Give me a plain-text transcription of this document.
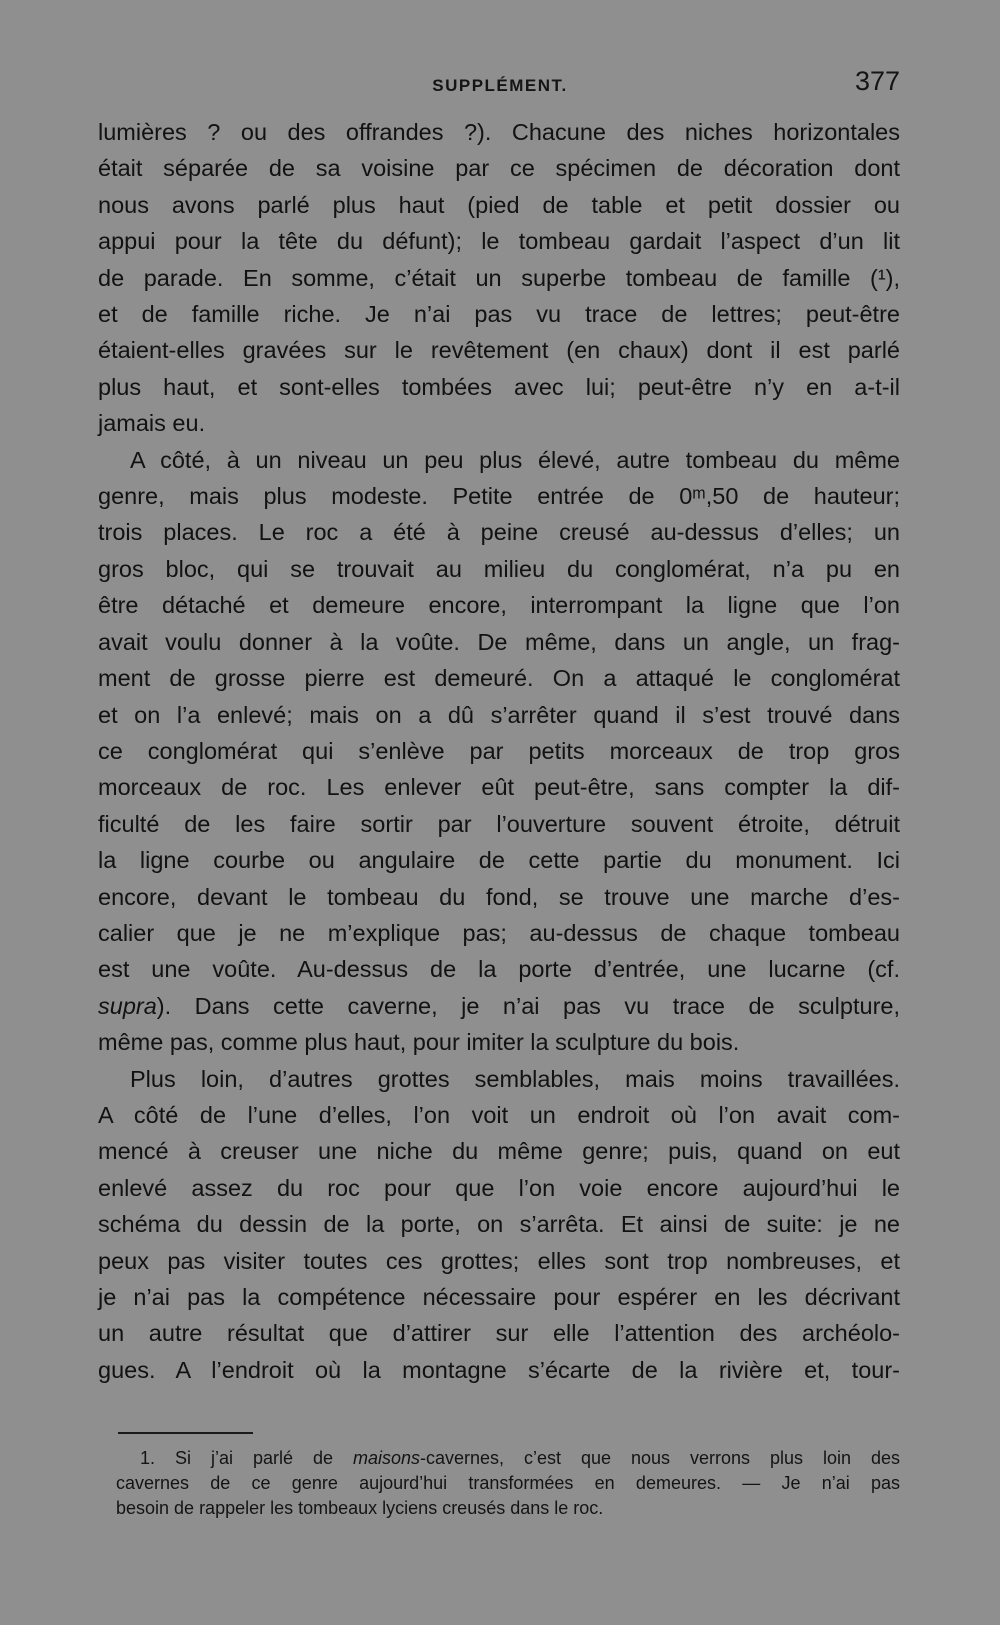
SUPPLÉMENT.	377
lumières ? ou des offrandes ?). Chacune des niches horizontales
était séparée de sa voisine par ce spécimen de décoration dont
nous avons parlé plus haut (pied de table et petit dossier ou
appui pour la tête du défunt); le tombeau gardait l’aspect d’un lit
de parade. En somme, c’était un superbe tombeau de famille (¹),
et de famille riche. Je n’ai pas vu trace de lettres; peut-être
étaient-elles gravées sur le revêtement (en chaux) dont il est parlé
plus haut, et sont-elles tombées avec lui; peut-être n’y en a-t-il
jamais eu.
A côté, à un niveau un peu plus élevé, autre tombeau du même
genre, mais plus modeste. Petite entrée de 0ᵐ,50 de hauteur;
trois places. Le roc a été à peine creusé au-dessus d’elles; un
gros bloc, qui se trouvait au milieu du conglomérat, n’a pu en
être détaché et demeure encore, interrompant la ligne que l’on
avait voulu donner à la voûte. De même, dans un angle, un frag-
ment de grosse pierre est demeuré. On a attaqué le conglomérat
et on l’a enlevé; mais on a dû s’arrêter quand il s’est trouvé dans
ce conglomérat qui s’enlève par petits morceaux de trop gros
morceaux de roc. Les enlever eût peut-être, sans compter la dif-
ficulté de les faire sortir par l’ouverture souvent étroite, détruit
la ligne courbe ou angulaire de cette partie du monument. Ici
encore, devant le tombeau du fond, se trouve une marche d’es-
calier que je ne m’explique pas; au-dessus de chaque tombeau
est une voûte. Au-dessus de la porte d’entrée, une lucarne (cf.
supra). Dans cette caverne, je n’ai pas vu trace de sculpture,
même pas, comme plus haut, pour imiter la sculpture du bois.
Plus loin, d’autres grottes semblables, mais moins travaillées.
A côté de l’une d’elles, l’on voit un endroit où l’on avait com-
mencé à creuser une niche du même genre; puis, quand on eut
enlevé assez du roc pour que l’on voie encore aujourd’hui le
schéma du dessin de la porte, on s’arrêta. Et ainsi de suite: je ne
peux pas visiter toutes ces grottes; elles sont trop nombreuses, et
je n’ai pas la compétence nécessaire pour espérer en les décrivant
un autre résultat que d’attirer sur elle l’attention des archéolo-
gues. A l’endroit où la montagne s’écarte de la rivière et, tour-
1. Si j’ai parlé de maisons-cavernes, c’est que nous verrons plus loin des
cavernes de ce genre aujourd’hui transformées en demeures. — Je n’ai pas
besoin de rappeler les tombeaux lyciens creusés dans le roc.
